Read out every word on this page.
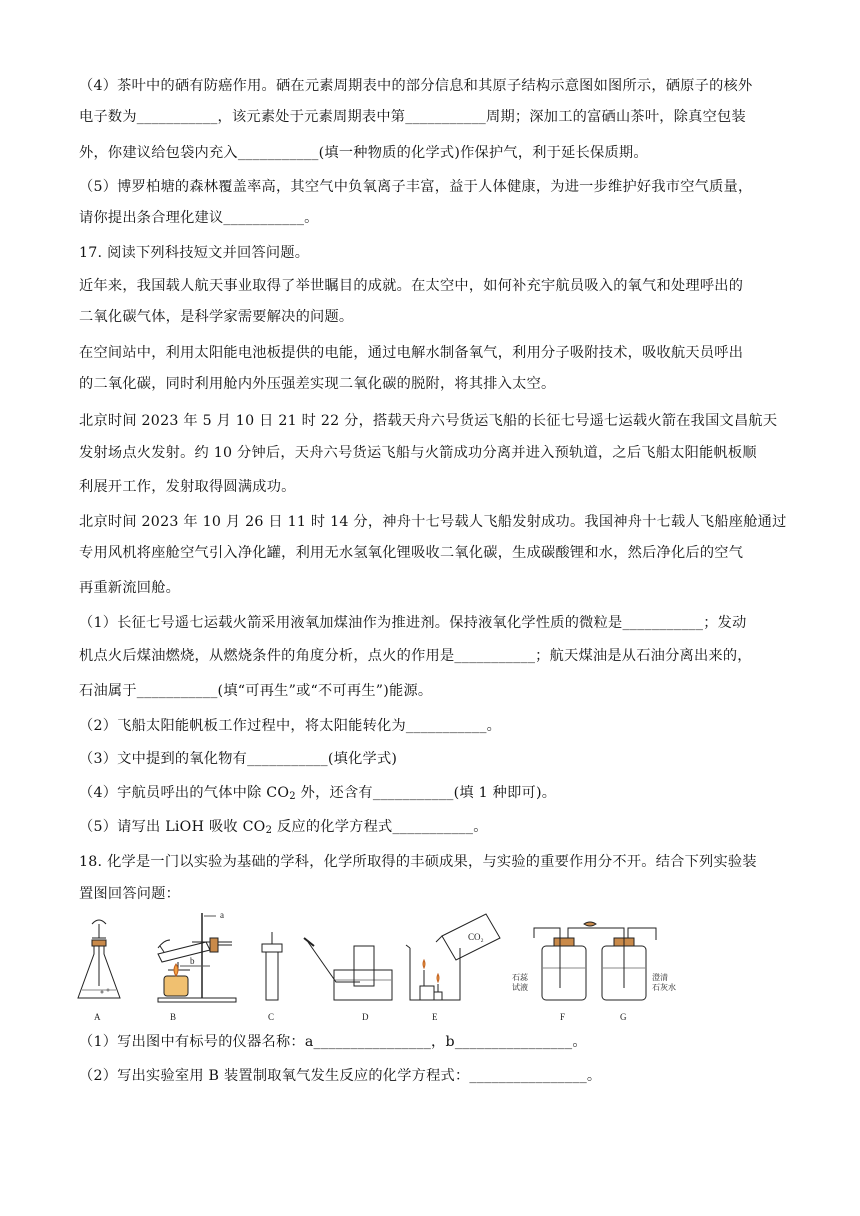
（4）茶叶中的硒有防癌作用。硒在元素周期表中的部分信息和其原子结构示意图如图所示，硒原子的核外
电子数为___________，该元素处于元素周期表中第___________周期；深加工的富硒山茶叶，除真空包装
外，你建议给包袋内充入___________(填一种物质的化学式)作保护气，利于延长保质期。
（5）博罗柏塘的森林覆盖率高，其空气中负氧离子丰富，益于人体健康，为进一步维护好我市空气质量，
请你提出条合理化建议___________。
17. 阅读下列科技短文并回答问题。
近年来，我国载人航天事业取得了举世瞩目的成就。在太空中，如何补充宇航员吸入的氧气和处理呼出的
二氧化碳气体，是科学家需要解决的问题。
在空间站中，利用太阳能电池板提供的电能，通过电解水制备氧气，利用分子吸附技术，吸收航天员呼出
的二氧化碳，同时利用舱内外压强差实现二氧化碳的脱附，将其排入太空。
北京时间 2023 年 5 月 10 日 21 时 22 分，搭载天舟六号货运飞船的长征七号遥七运载火箭在我国文昌航天
发射场点火发射。约 10 分钟后，天舟六号货运飞船与火箭成功分离并进入预轨道，之后飞船太阳能帆板顺
利展开工作，发射取得圆满成功。
北京时间 2023 年 10 月 26 日 11 时 14 分，神舟十七号载人飞船发射成功。我国神舟十七载人飞船座舱通过
专用风机将座舱空气引入净化罐，利用无水氢氧化锂吸收二氧化碳，生成碳酸锂和水，然后净化后的空气
再重新流回舱。
（1）长征七号遥七运载火箭采用液氧加煤油作为推进剂。保持液氧化学性质的微粒是___________；发动
机点火后煤油燃烧，从燃烧条件的角度分析，点火的作用是___________；航天煤油是从石油分离出来的，
石油属于___________(填“可再生”或“不可再生”)能源。
（2）飞船太阳能帆板工作过程中，将太阳能转化为___________。
（3）文中提到的氧化物有___________(填化学式)
（4）宇航员呼出的气体中除 $CO_2$ 外，还含有___________(填 1 种即可)。
（5）请写出 LiOH 吸收 $CO_2$ 反应的化学方程式___________。
18. 化学是一门以实验为基础的学科，化学所取得的丰硕成果，与实验的重要作用分不开。结合下列实验装
置图回答问题：
A	B	C	D	E	F	G
a
b
CO₂
石蕊
试液
澄清
石灰水
（1）写出图中有标号的仪器名称：a________________，b________________。
（2）写出实验室用 B 装置制取氧气发生反应的化学方程式：________________。
